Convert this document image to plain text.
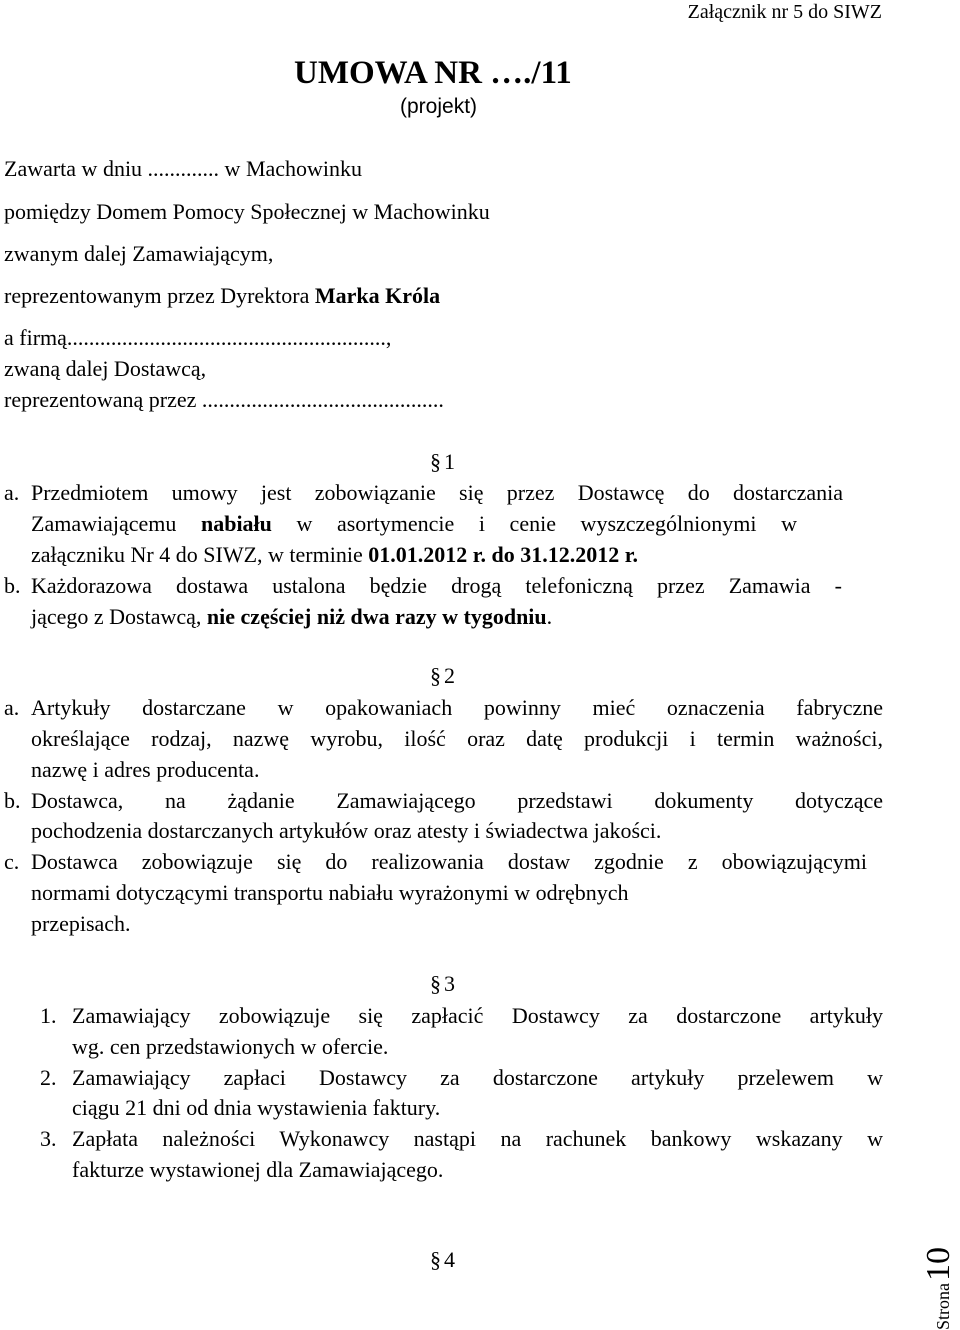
Załącznik nr 5 do SIWZ
UMOWA NR …./11
(projekt)
Zawarta w dniu ............. w Machowinku
pomiędzy Domem Pomocy Społecznej w Machowinku
zwanym dalej Zamawiającym,
reprezentowanym przez Dyrektora Marka Króla
a firmą..........................................................,
zwaną dalej Dostawcą,
reprezentowaną przez ............................................
§ 1
a. Przedmiotem umowy jest zobowiązanie się przez Dostawcę do dostarczania
Zamawiającemu nabiału w asortymencie i cenie wyszczególnionymi w
załączniku Nr 4 do SIWZ, w terminie 01.01.2012 r. do 31.12.2012 r.
b. Każdorazowa dostawa ustalona będzie drogą telefoniczną przez Zamawia -
jącego z Dostawcą, nie częściej niż dwa razy w tygodniu.
§ 2
a. Artykuły dostarczane w opakowaniach powinny mieć oznaczenia fabryczne
określające rodzaj, nazwę wyrobu, ilość oraz datę produkcji i termin ważności,
nazwę i adres producenta.
b. Dostawca, na żądanie Zamawiającego przedstawi dokumenty dotyczące
pochodzenia dostarczanych artykułów oraz atesty i świadectwa jakości.
c. Dostawca zobowiązuje się do realizowania dostaw zgodnie z obowiązującymi
normami dotyczącymi transportu nabiału wyrażonymi w odrębnych
przepisach.
§ 3
1. Zamawiający zobowiązuje się zapłacić Dostawcy za dostarczone artykuły
wg. cen przedstawionych w ofercie.
2. Zamawiający zapłaci Dostawcy za dostarczone artykuły przelewem w
ciągu 21 dni od dnia wystawienia faktury.
3. Zapłata należności Wykonawcy nastąpi na rachunek bankowy wskazany w
fakturze wystawionej dla Zamawiającego.
§ 4
Strona
10
